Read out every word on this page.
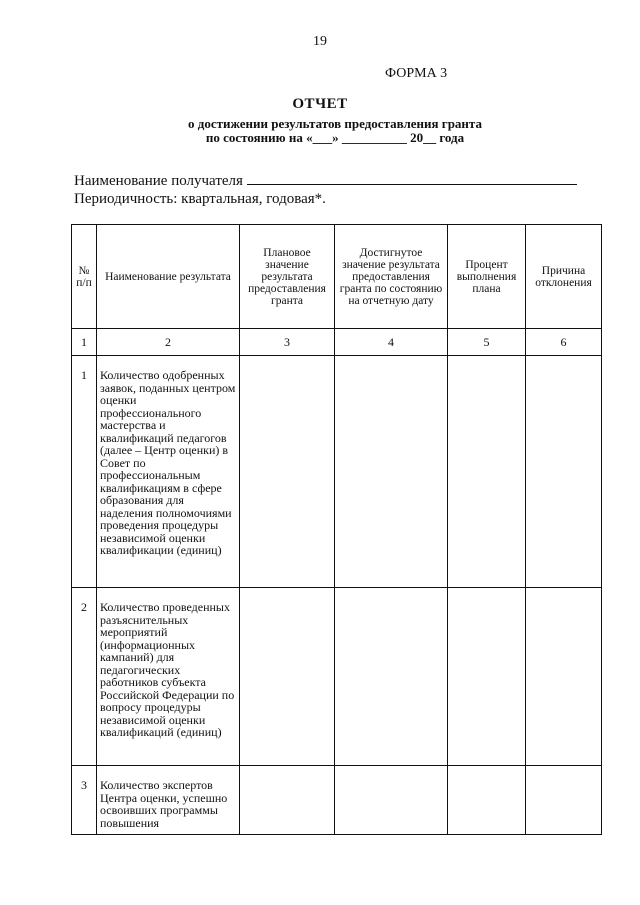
19
ФОРМА 3
ОТЧЕТ
о достижении результатов предоставления гранта
по состоянию на «___» __________ 20__ года
Наименование получателя
Периодичность: квартальная, годовая*.
№ п/п	Наименование результата	Плановое значение результата предоставления гранта	Достигнутое значение результата предоставления гранта по состоянию на отчетную дату	Процент выполнения плана	Причина отклонения
1	2	3	4	5	6
1	Количество одобренных заявок, поданных центром оценки профессионального мастерства и квалификаций педагогов (далее – Центр оценки) в Совет по профессиональным квалификациям в сфере образования для наделения полномочиями проведения процедуры независимой оценки квалификации (единиц)				
2	Количество проведенных разъяснительных мероприятий (информационных кампаний) для педагогических работников субъекта Российской Федерации по вопросу процедуры независимой оценки квалификаций (единиц)				
3	Количество экспертов Центра оценки, успешно освоивших программы повышения				
